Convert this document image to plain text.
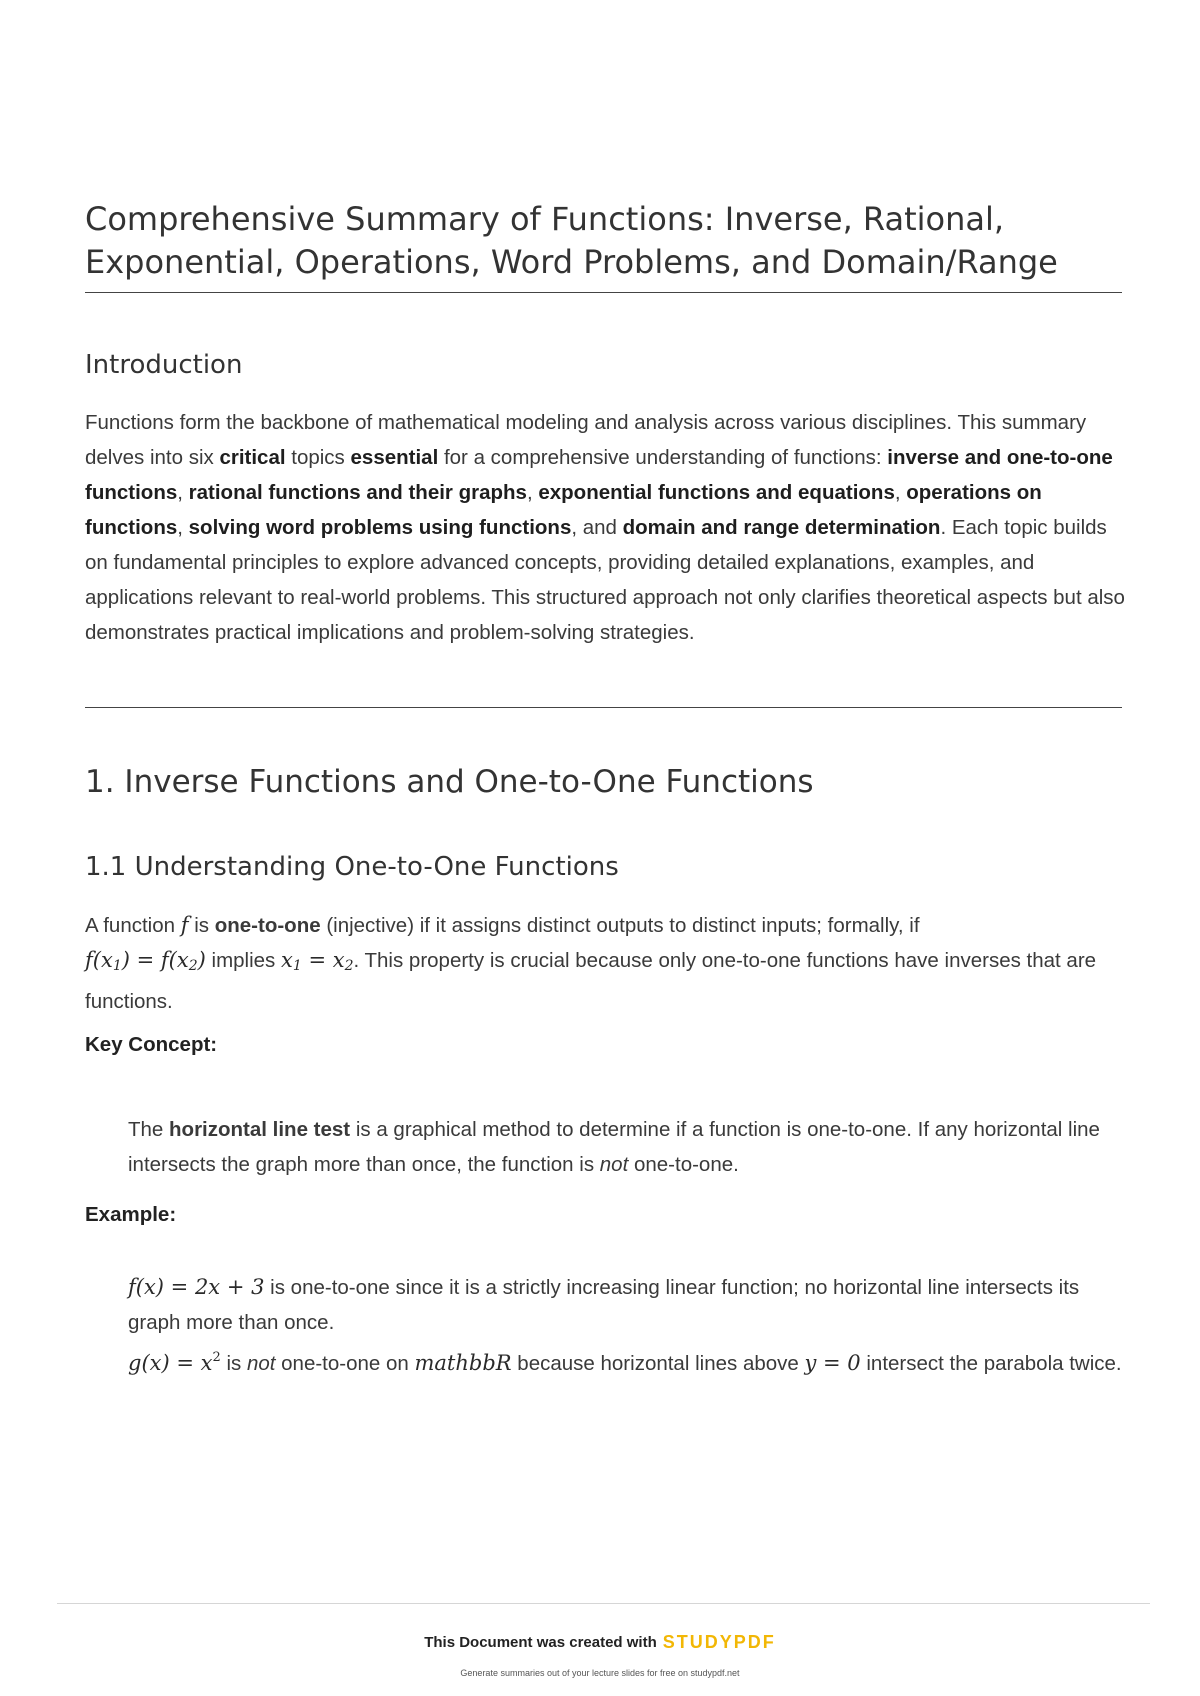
Comprehensive Summary of Functions: Inverse, Rational, Exponential, Operations, Word Problems, and Domain/Range
Introduction

Functions form the backbone of mathematical modeling and analysis across various disciplines. This summary delves into six critical topics essential for a comprehensive understanding of functions: inverse and one-to-one functions, rational functions and their graphs, exponential functions and equations, operations on functions, solving word problems using functions, and domain and range determination. Each topic builds on fundamental principles to explore advanced concepts, providing detailed explanations, examples, and applications relevant to real-world problems. This structured approach not only clarifies theoretical aspects but also demonstrates practical implications and problem-solving strategies.

1. Inverse Functions and One-to-One Functions
1.1 Understanding One-to-One Functions

A function f is one-to-one (injective) if it assigns distinct outputs to distinct inputs; formally, if
$f(x_1) = f(x_2)$ implies $x_1 = x_2$. This property is crucial because only one-to-one functions have inverses that are functions.

Key Concept:

The horizontal line test is a graphical method to determine if a function is one-to-one. If any horizontal line intersects the graph more than once, the function is not one-to-one.

Example:

f(x) = 2x + 3 is one-to-one since it is a strictly increasing linear function; no horizontal line intersects its graph more than once.

$g(x) = x^2$ is not one-to-one on mathbbR because horizontal lines above y = 0 intersect the parabola twice.

This Document was created with STUDYPDF
Generate summaries out of your lecture slides for free on studypdf.net
